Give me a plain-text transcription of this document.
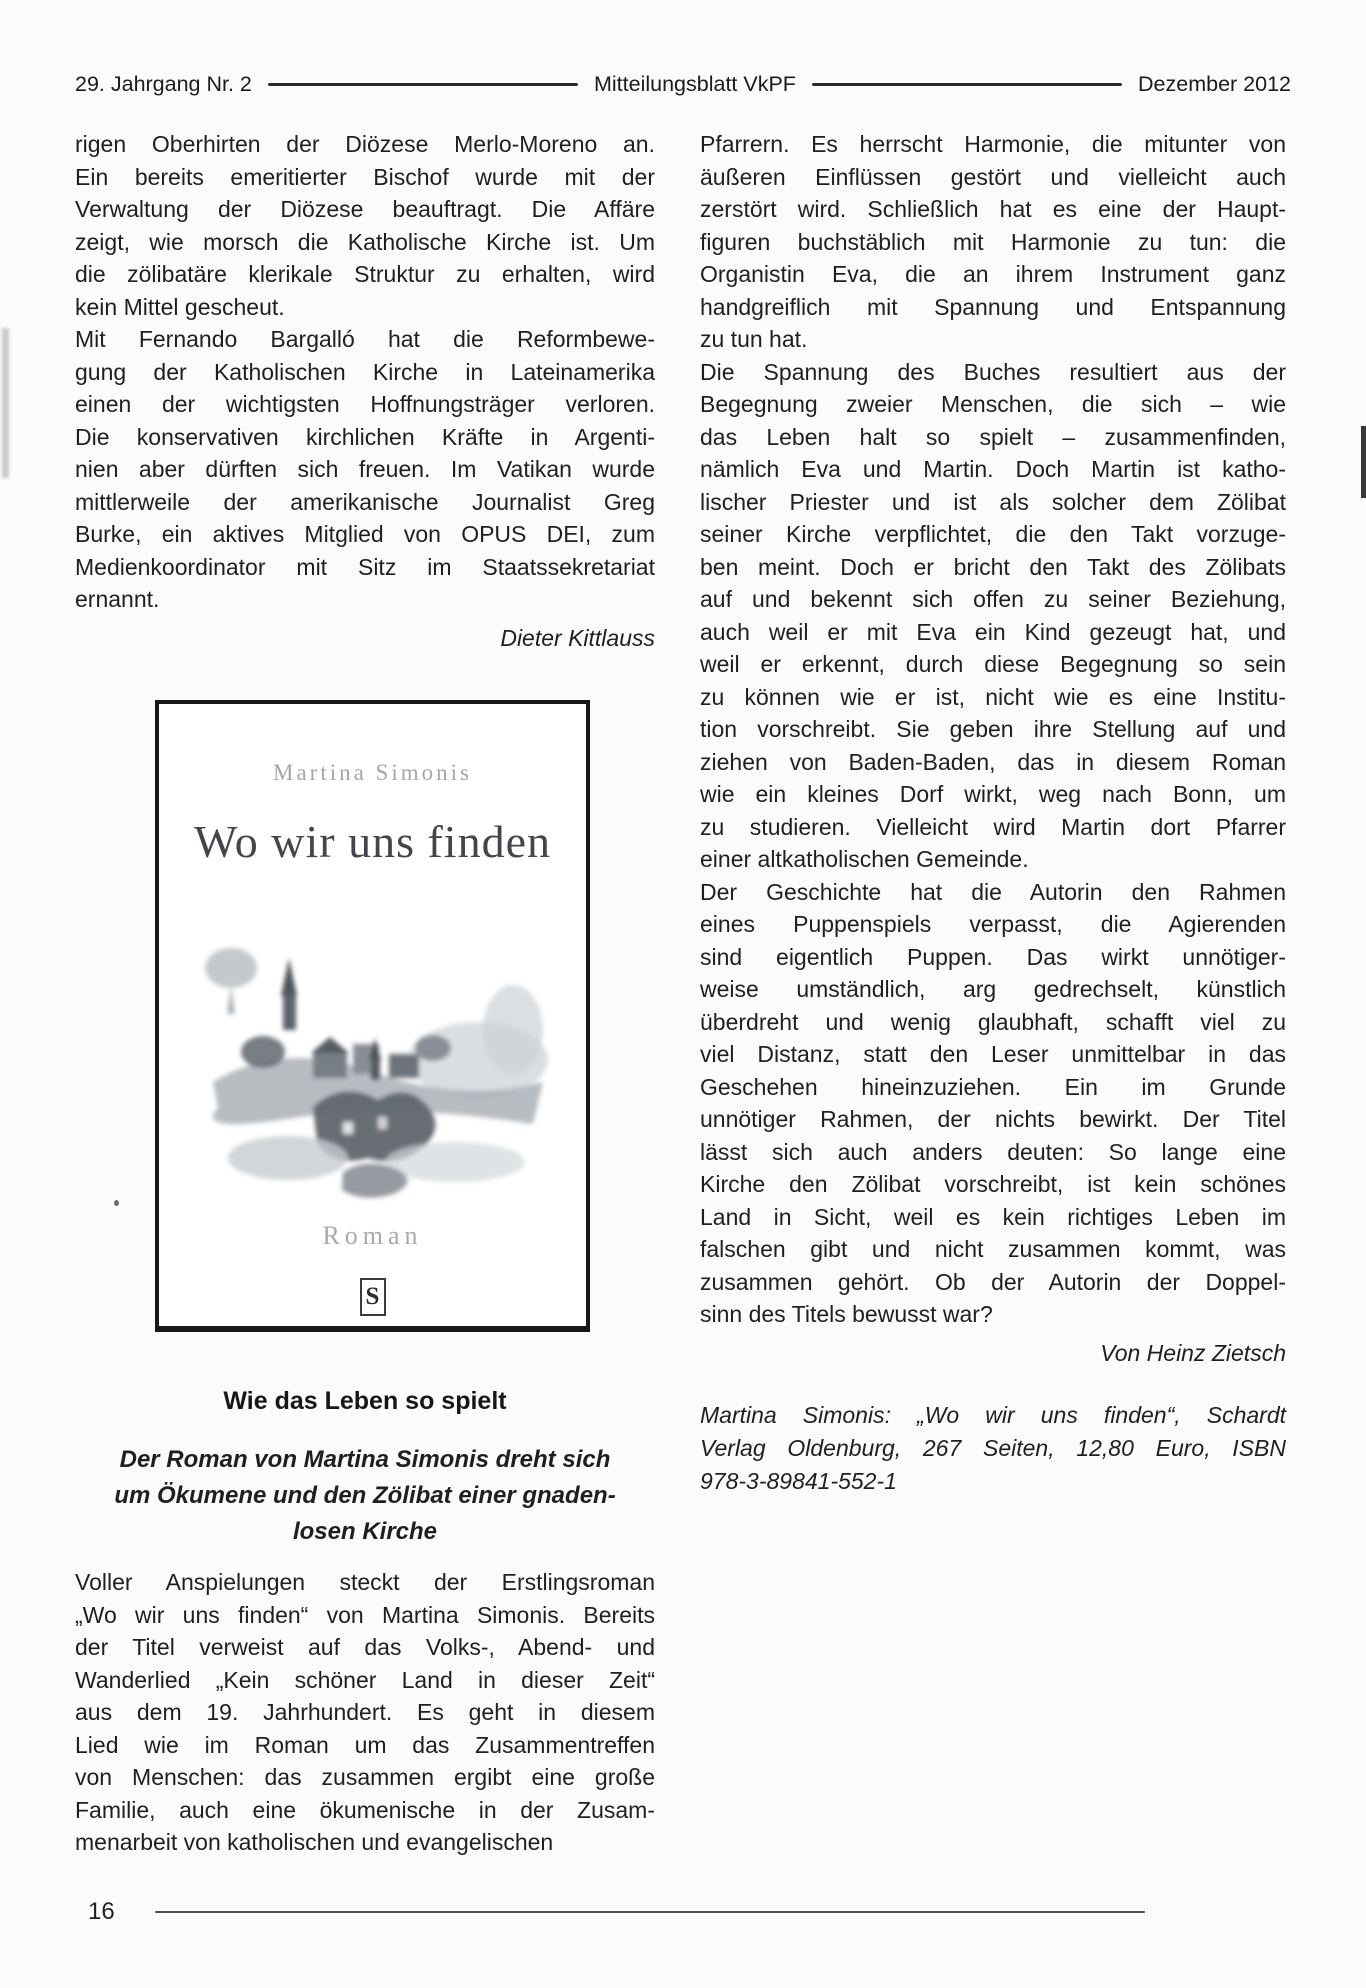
29. Jahrgang Nr. 2	Mitteilungsblatt VkPF	Dezember 2012
rigen Oberhirten der Diözese Merlo-Moreno an.
Ein bereits emeritierter Bischof wurde mit der
Verwaltung der Diözese beauftragt. Die Affäre
zeigt, wie morsch die Katholische Kirche ist. Um
die zölibatäre klerikale Struktur zu erhalten, wird
kein Mittel gescheut.
Mit Fernando Bargalló hat die Reformbewe-
gung der Katholischen Kirche in Lateinamerika
einen der wichtigsten Hoffnungsträger verloren.
Die konservativen kirchlichen Kräfte in Argenti-
nien aber dürften sich freuen. Im Vatikan wurde
mittlerweile der amerikanische Journalist Greg
Burke, ein aktives Mitglied von OPUS DEI, zum
Medienkoordinator mit Sitz im Staatssekretariat
ernannt.
Dieter Kittlauss
Martina Simonis
Wo wir uns finden
Roman
S
Wie das Leben so spielt
Der Roman von Martina Simonis dreht sich
um Ökumene und den Zölibat einer gnaden-
losen Kirche
Voller Anspielungen steckt der Erstlingsroman
„Wo wir uns finden“ von Martina Simonis. Bereits
der Titel verweist auf das Volks-, Abend- und
Wanderlied „Kein schöner Land in dieser Zeit“
aus dem 19. Jahrhundert. Es geht in diesem
Lied wie im Roman um das Zusammentreffen
von Menschen: das zusammen ergibt eine große
Familie, auch eine ökumenische in der Zusam-
menarbeit von katholischen und evangelischen
Pfarrern. Es herrscht Harmonie, die mitunter von
äußeren Einflüssen gestört und vielleicht auch
zerstört wird. Schließlich hat es eine der Haupt-
figuren buchstäblich mit Harmonie zu tun: die
Organistin Eva, die an ihrem Instrument ganz
handgreiflich mit Spannung und Entspannung
zu tun hat.
Die Spannung des Buches resultiert aus der
Begegnung zweier Menschen, die sich – wie
das Leben halt so spielt – zusammenfinden,
nämlich Eva und Martin. Doch Martin ist katho-
lischer Priester und ist als solcher dem Zölibat
seiner Kirche verpflichtet, die den Takt vorzuge-
ben meint. Doch er bricht den Takt des Zölibats
auf und bekennt sich offen zu seiner Beziehung,
auch weil er mit Eva ein Kind gezeugt hat, und
weil er erkennt, durch diese Begegnung so sein
zu können wie er ist, nicht wie es eine Institu-
tion vorschreibt. Sie geben ihre Stellung auf und
ziehen von Baden-Baden, das in diesem Roman
wie ein kleines Dorf wirkt, weg nach Bonn, um
zu studieren. Vielleicht wird Martin dort Pfarrer
einer altkatholischen Gemeinde.
Der Geschichte hat die Autorin den Rahmen
eines Puppenspiels verpasst, die Agierenden
sind eigentlich Puppen. Das wirkt unnötiger-
weise umständlich, arg gedrechselt, künstlich
überdreht und wenig glaubhaft, schafft viel zu
viel Distanz, statt den Leser unmittelbar in das
Geschehen hineinzuziehen. Ein im Grunde
unnötiger Rahmen, der nichts bewirkt. Der Titel
lässt sich auch anders deuten: So lange eine
Kirche den Zölibat vorschreibt, ist kein schönes
Land in Sicht, weil es kein richtiges Leben im
falschen gibt und nicht zusammen kommt, was
zusammen gehört. Ob der Autorin der Doppel-
sinn des Titels bewusst war?
Von Heinz Zietsch
Martina Simonis: „Wo wir uns finden“, Schardt
Verlag Oldenburg, 267 Seiten, 12,80 Euro, ISBN
978-3-89841-552-1
16
